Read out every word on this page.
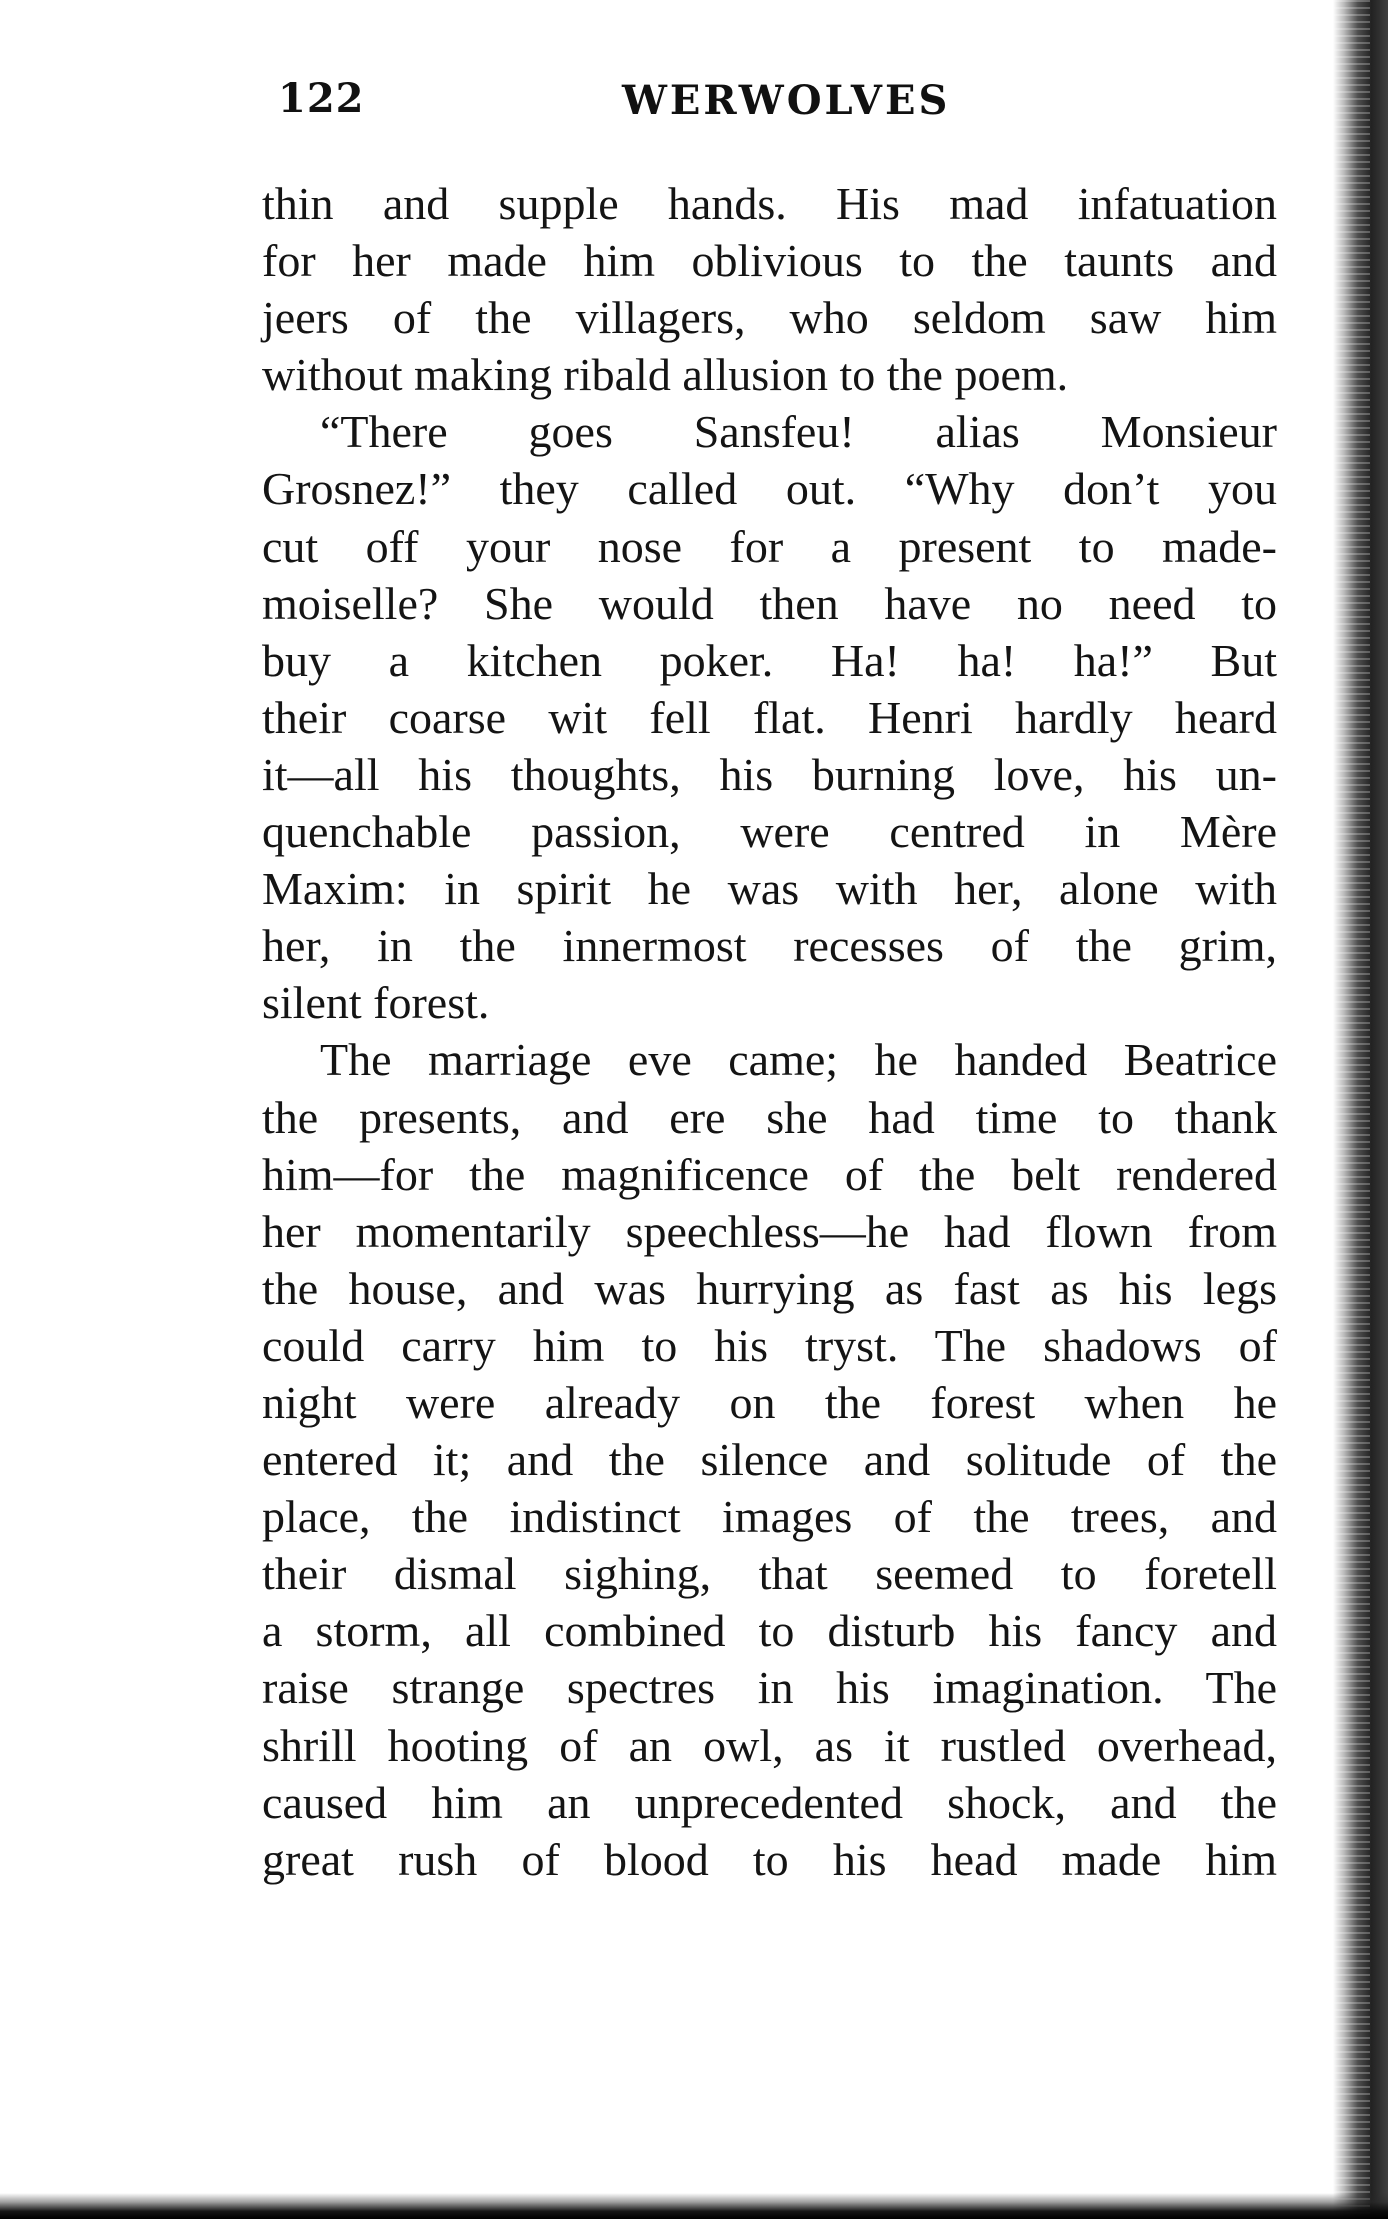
122	WERWOLVES
thin and supple hands. His mad infatuation
for her made him oblivious to the taunts and
jeers of the villagers, who seldom saw him
without making ribald allusion to the poem.
“There goes Sansfeu! alias Monsieur
Grosnez!” they called out. “Why don’t you
cut off your nose for a present to made-
moiselle? She would then have no need to
buy a kitchen poker. Ha! ha! ha!” But
their coarse wit fell flat. Henri hardly heard
it—all his thoughts, his burning love, his un-
quenchable passion, were centred in Mère
Maxim: in spirit he was with her, alone with
her, in the innermost recesses of the grim,
silent forest.
The marriage eve came; he handed Beatrice
the presents, and ere she had time to thank
him—for the magnificence of the belt rendered
her momentarily speechless—he had flown from
the house, and was hurrying as fast as his legs
could carry him to his tryst. The shadows of
night were already on the forest when he
entered it; and the silence and solitude of the
place, the indistinct images of the trees, and
their dismal sighing, that seemed to foretell
a storm, all combined to disturb his fancy and
raise strange spectres in his imagination. The
shrill hooting of an owl, as it rustled overhead,
caused him an unprecedented shock, and the
great rush of blood to his head made him
